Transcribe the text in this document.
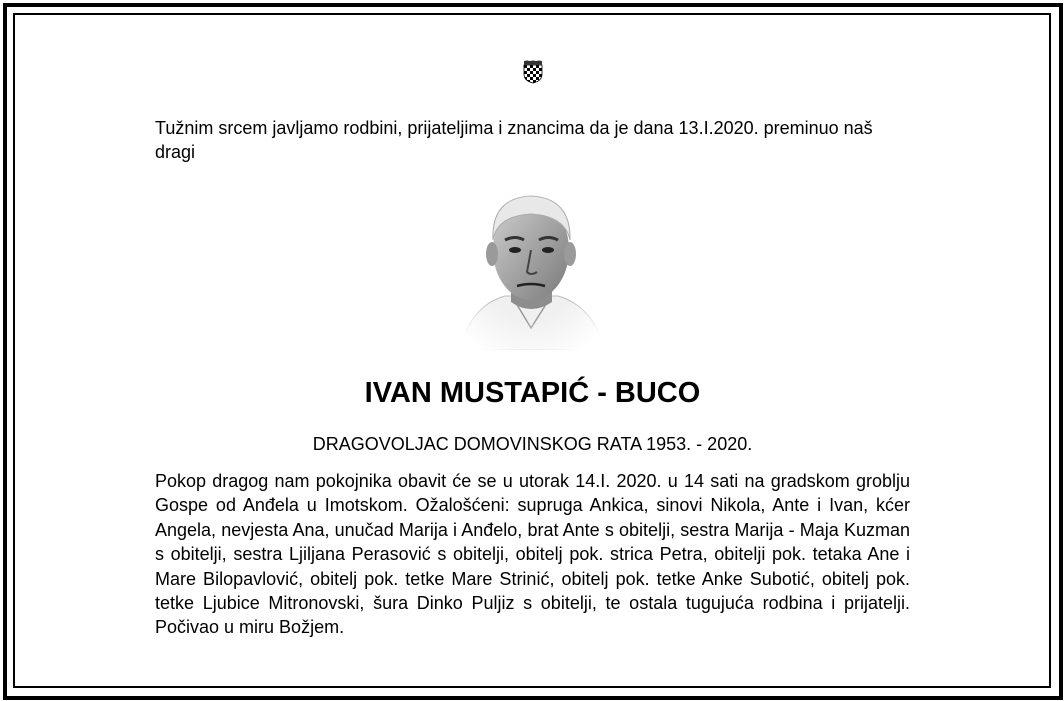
Tužnim srcem javljamo rodbini, prijateljima i znancima da je dana 13.I.2020. preminuo naš dragi

IVAN MUSTAPIĆ - BUCO

DRAGOVOLJAC DOMOVINSKOG RATA 1953. - 2020.

Pokop dragog nam pokojnika obavit će se u utorak 14.I. 2020. u 14 sati na gradskom groblju Gospe od Anđela u Imotskom. Ožalošćeni: supruga Ankica, sinovi Nikola, Ante i Ivan, kćer Angela, nevjesta Ana, unučad Marija i Anđelo, brat Ante s obitelji, sestra Marija - Maja Kuzman s obitelji, sestra Ljiljana Perasović s obitelji, obitelj pok. strica Petra, obitelji pok. tetaka Ane i Mare Bilopavlović, obitelj pok. tetke Mare Strinić, obitelj pok. tetke Anke Subotić, obitelj pok. tetke Ljubice Mitronovski, šura Dinko Puljiz s obitelji, te ostala tugujuća rodbina i prijatelji. Počivao u miru Božjem.
